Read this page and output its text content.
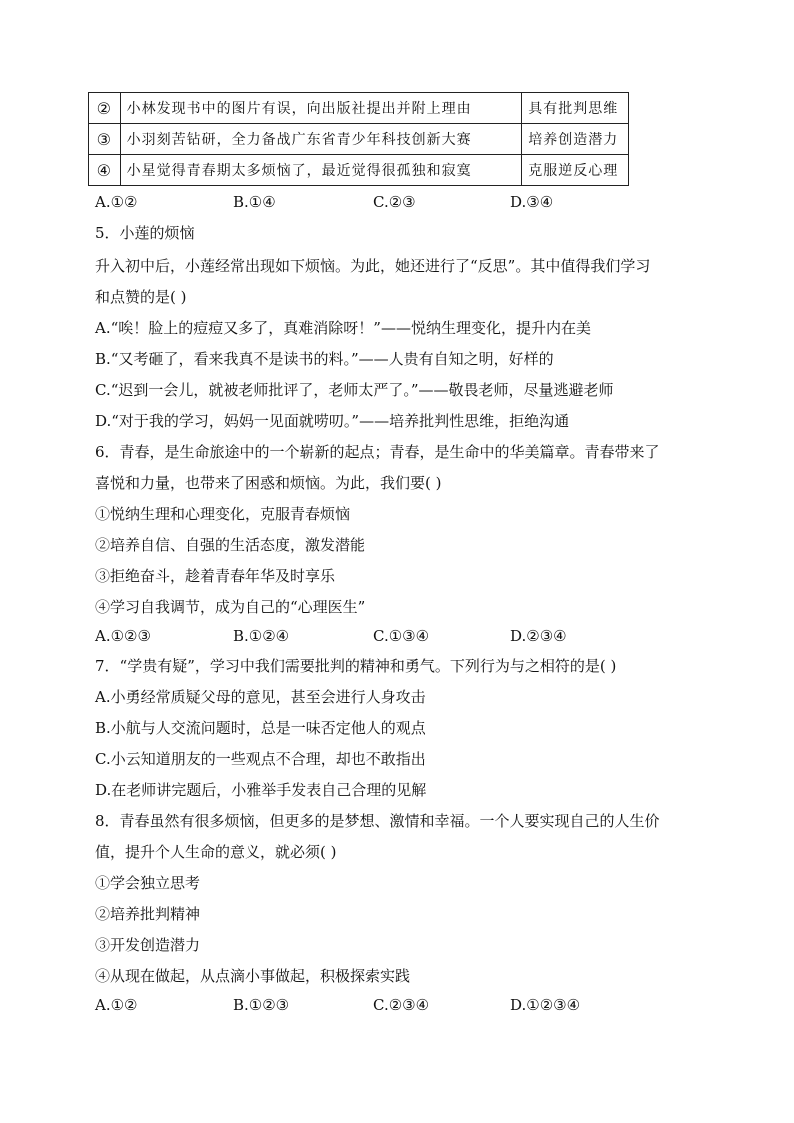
②	小林发现书中的图片有误，向出版社提出并附上理由	具有批判思维
③	小羽刻苦钻研，全力备战广东省青少年科技创新大赛	培养创造潜力
④	小星觉得青春期太多烦恼了，最近觉得很孤独和寂寞	克服逆反心理
A.①②	B.①④	C.②③	D.③④
5．小莲的烦恼
升入初中后，小莲经常出现如下烦恼。为此，她还进行了“反思”。其中值得我们学习
和点赞的是( )
A.“唉！脸上的痘痘又多了，真难消除呀！”——悦纳生理变化，提升内在美
B.“又考砸了，看来我真不是读书的料。”——人贵有自知之明，好样的
C.“迟到一会儿，就被老师批评了，老师太严了。”——敬畏老师，尽量逃避老师
D.“对于我的学习，妈妈一见面就唠叨。”——培养批判性思维，拒绝沟通
6．青春，是生命旅途中的一个崭新的起点；青春，是生命中的华美篇章。青春带来了
喜悦和力量，也带来了困惑和烦恼。为此，我们要( )
①悦纳生理和心理变化，克服青春烦恼
②培养自信、自强的生活态度，激发潜能
③拒绝奋斗，趁着青春年华及时享乐
④学习自我调节，成为自己的“心理医生”
A.①②③	B.①②④	C.①③④	D.②③④
7．“学贵有疑”，学习中我们需要批判的精神和勇气。下列行为与之相符的是( )
A.小勇经常质疑父母的意见，甚至会进行人身攻击
B.小航与人交流问题时，总是一味否定他人的观点
C.小云知道朋友的一些观点不合理，却也不敢指出
D.在老师讲完题后，小雅举手发表自己合理的见解
8．青春虽然有很多烦恼，但更多的是梦想、激情和幸福。一个人要实现自己的人生价
值，提升个人生命的意义，就必须( )
①学会独立思考
②培养批判精神
③开发创造潜力
④从现在做起，从点滴小事做起，积极探索实践
A.①②	B.①②③	C.②③④	D.①②③④
